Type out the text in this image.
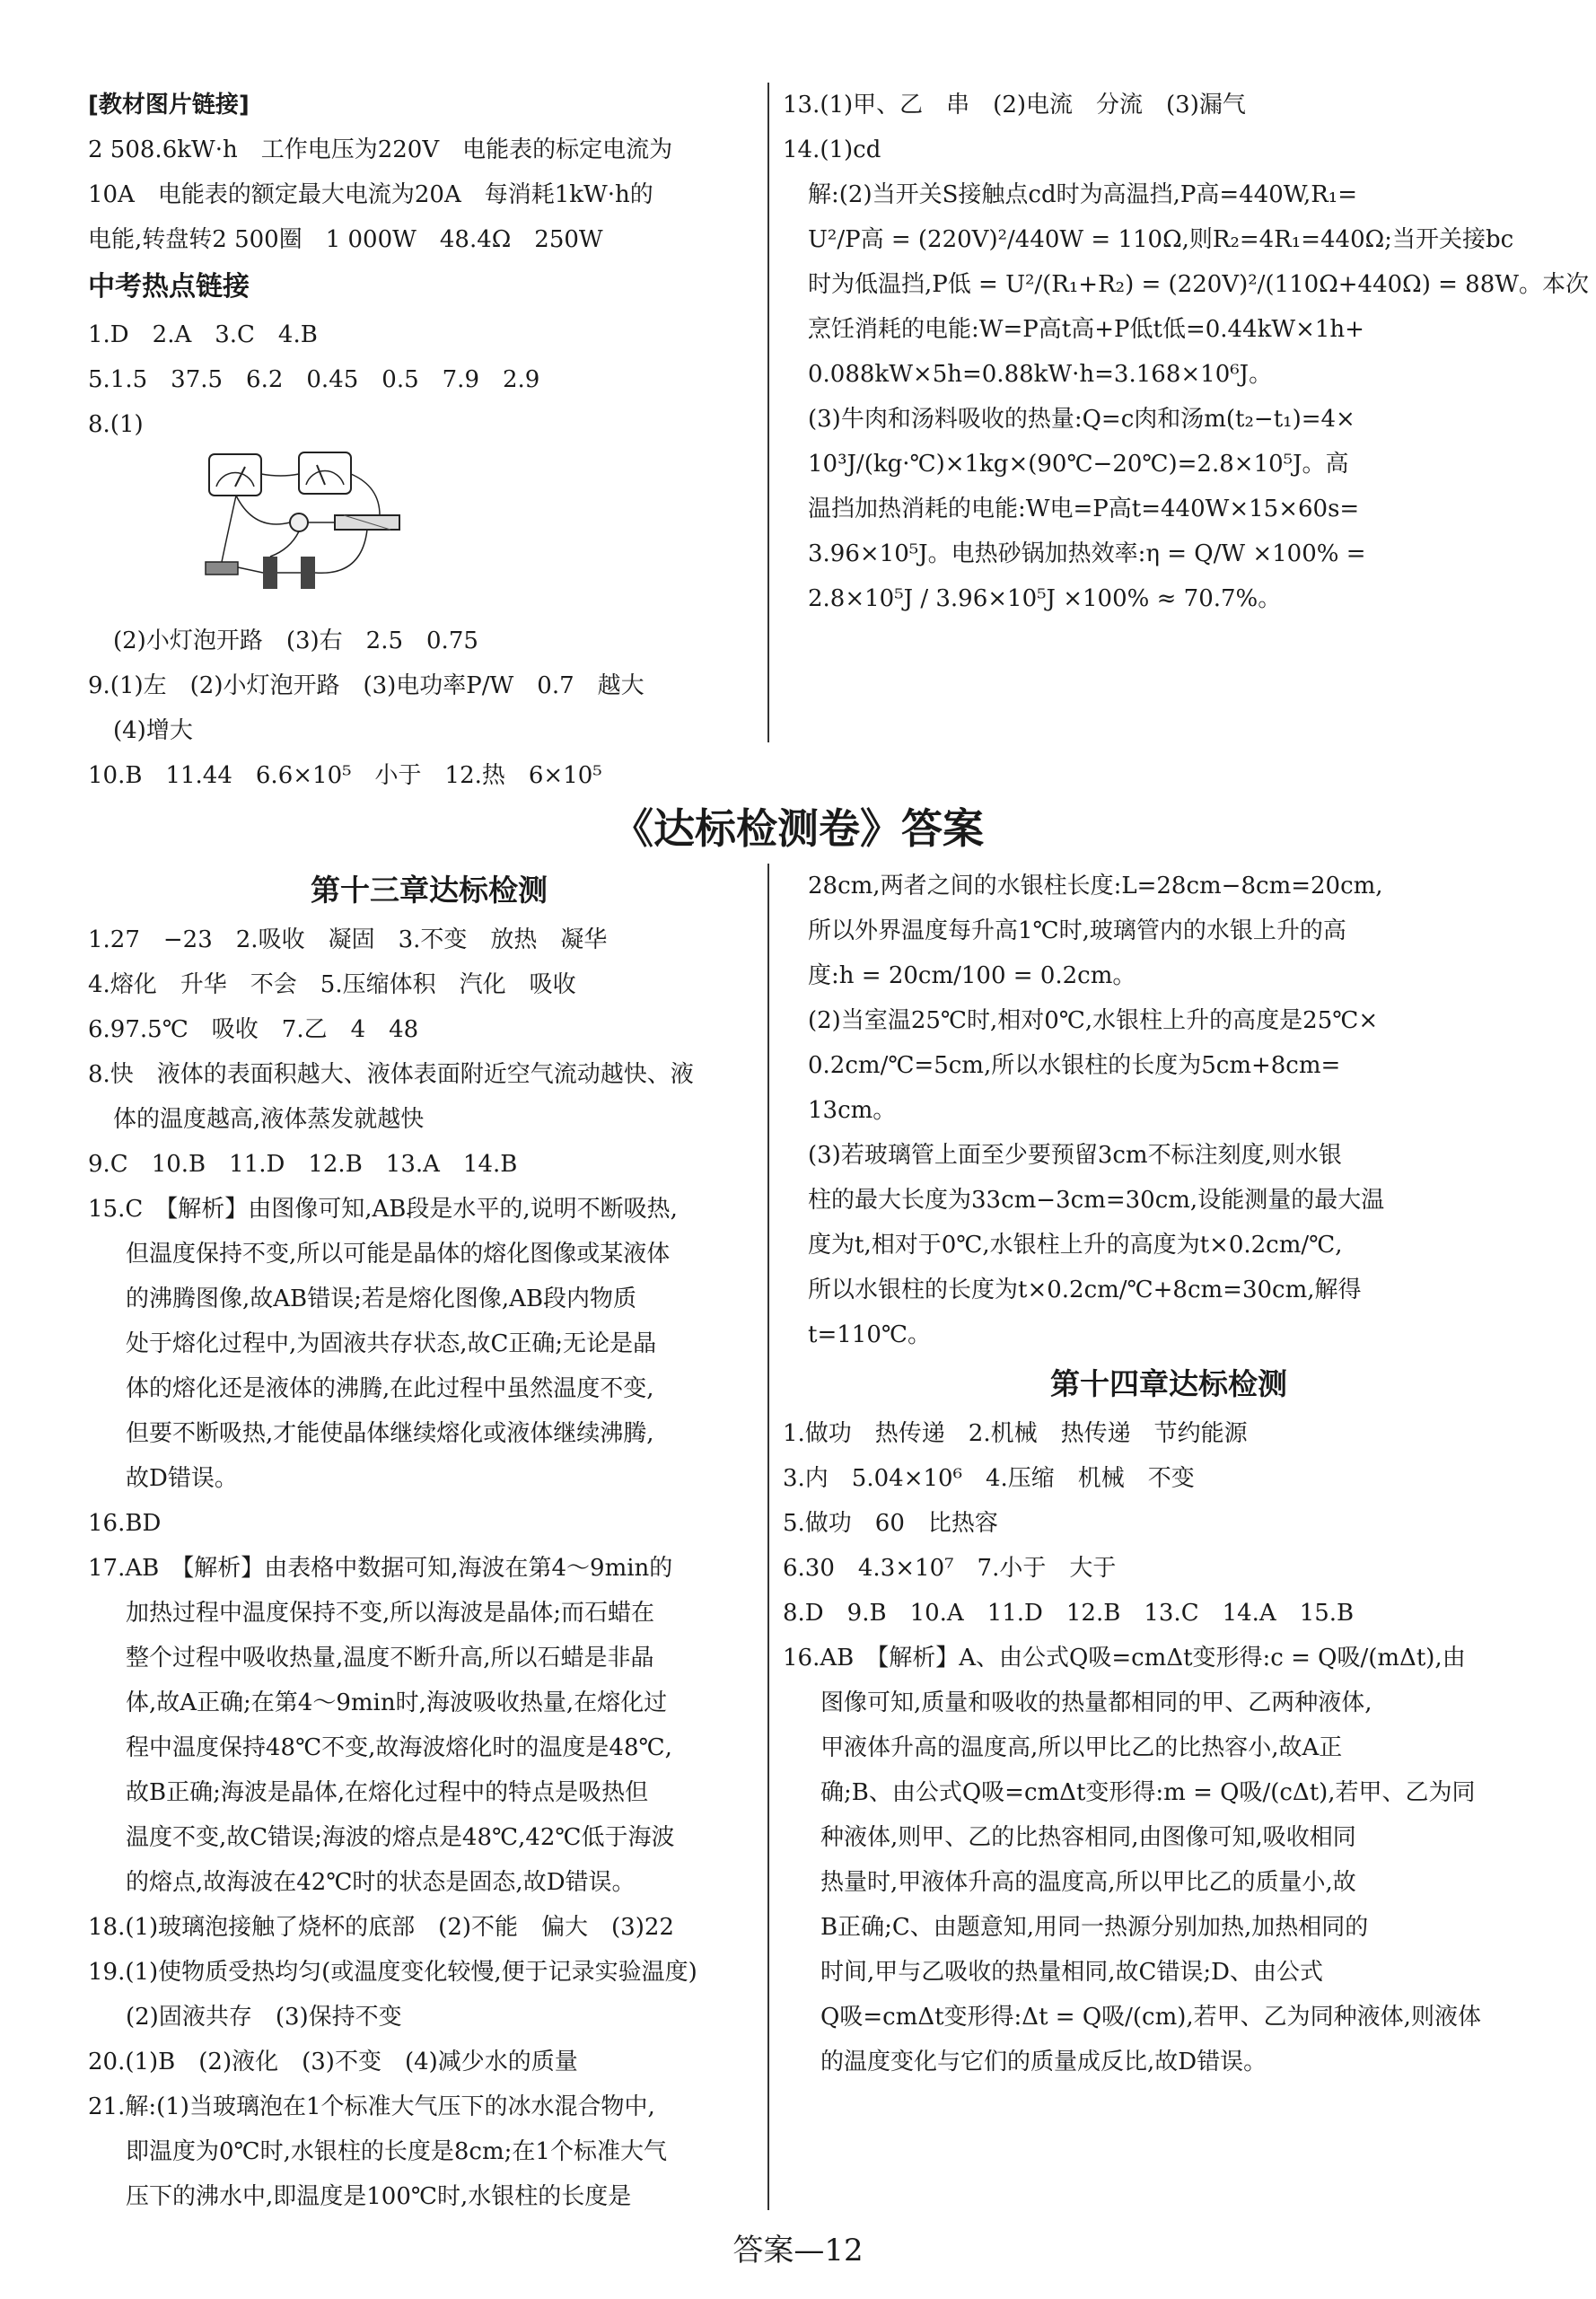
[教材图片链接]
2 508.6kW·h　工作电压为220V　电能表的标定电流为
10A　电能表的额定最大电流为20A　每消耗1kW·h的
电能,转盘转2 500圈　1 000W　48.4Ω　250W
中考热点链接
1.D　2.A　3.C　4.B
5.1.5　37.5　6.2　0.45　0.5　7.9　2.9
8.(1)
(2)小灯泡开路　(3)右　2.5　0.75
9.(1)左　(2)小灯泡开路　(3)电功率P/W　0.7　越大
(4)增大
10.B　11.44　6.6×10⁵　小于　12.热　6×10⁵
13.(1)甲、乙　串　(2)电流　分流　(3)漏气
14.(1)cd
解:(2)当开关S接触点cd时为高温挡,P高=440W,R₁=
U²/P高 = (220V)²/440W = 110Ω,则R₂=4R₁=440Ω;当开关接bc
时为低温挡,P低 = U²/(R₁+R₂) = (220V)²/(110Ω+440Ω) = 88W。本次
烹饪消耗的电能:W=P高t高+P低t低=0.44kW×1h+
0.088kW×5h=0.88kW·h=3.168×10⁶J。
(3)牛肉和汤料吸收的热量:Q=c肉和汤m(t₂−t₁)=4×
10³J/(kg·℃)×1kg×(90℃−20℃)=2.8×10⁵J。高
温挡加热消耗的电能:W电=P高t=440W×15×60s=
3.96×10⁵J。电热砂锅加热效率:η = Q/W ×100% =
2.8×10⁵J / 3.96×10⁵J ×100% ≈ 70.7%。
《达标检测卷》答案
第十三章达标检测
1.27　−23　2.吸收　凝固　3.不变　放热　凝华
4.熔化　升华　不会　5.压缩体积　汽化　吸收
6.97.5℃　吸收　7.乙　4　48
8.快　液体的表面积越大、液体表面附近空气流动越快、液
体的温度越高,液体蒸发就越快
9.C　10.B　11.D　12.B　13.A　14.B
15.C　【解析】由图像可知,AB段是水平的,说明不断吸热,
但温度保持不变,所以可能是晶体的熔化图像或某液体
的沸腾图像,故AB错误;若是熔化图像,AB段内物质
处于熔化过程中,为固液共存状态,故C正确;无论是晶
体的熔化还是液体的沸腾,在此过程中虽然温度不变,
但要不断吸热,才能使晶体继续熔化或液体继续沸腾,
故D错误。
16.BD
17.AB　【解析】由表格中数据可知,海波在第4～9min的
加热过程中温度保持不变,所以海波是晶体;而石蜡在
整个过程中吸收热量,温度不断升高,所以石蜡是非晶
体,故A正确;在第4～9min时,海波吸收热量,在熔化过
程中温度保持48℃不变,故海波熔化时的温度是48℃,
故B正确;海波是晶体,在熔化过程中的特点是吸热但
温度不变,故C错误;海波的熔点是48℃,42℃低于海波
的熔点,故海波在42℃时的状态是固态,故D错误。
18.(1)玻璃泡接触了烧杯的底部　(2)不能　偏大　(3)22
19.(1)使物质受热均匀(或温度变化较慢,便于记录实验温度)
(2)固液共存　(3)保持不变
20.(1)B　(2)液化　(3)不变　(4)减少水的质量
21.解:(1)当玻璃泡在1个标准大气压下的冰水混合物中,
即温度为0℃时,水银柱的长度是8cm;在1个标准大气
压下的沸水中,即温度是100℃时,水银柱的长度是
28cm,两者之间的水银柱长度:L=28cm−8cm=20cm,
所以外界温度每升高1℃时,玻璃管内的水银上升的高
度:h = 20cm/100 = 0.2cm。
(2)当室温25℃时,相对0℃,水银柱上升的高度是25℃×
0.2cm/℃=5cm,所以水银柱的长度为5cm+8cm=
13cm。
(3)若玻璃管上面至少要预留3cm不标注刻度,则水银
柱的最大长度为33cm−3cm=30cm,设能测量的最大温
度为t,相对于0℃,水银柱上升的高度为t×0.2cm/℃,
所以水银柱的长度为t×0.2cm/℃+8cm=30cm,解得
t=110℃。
第十四章达标检测
1.做功　热传递　2.机械　热传递　节约能源
3.内　5.04×10⁶　4.压缩　机械　不变
5.做功　60　比热容
6.30　4.3×10⁷　7.小于　大于
8.D　9.B　10.A　11.D　12.B　13.C　14.A　15.B
16.AB　【解析】A、由公式Q吸=cmΔt变形得:c = Q吸/(mΔt),由
图像可知,质量和吸收的热量都相同的甲、乙两种液体,
甲液体升高的温度高,所以甲比乙的比热容小,故A正
确;B、由公式Q吸=cmΔt变形得:m = Q吸/(cΔt),若甲、乙为同
种液体,则甲、乙的比热容相同,由图像可知,吸收相同
热量时,甲液体升高的温度高,所以甲比乙的质量小,故
B正确;C、由题意知,用同一热源分别加热,加热相同的
时间,甲与乙吸收的热量相同,故C错误;D、由公式
Q吸=cmΔt变形得:Δt = Q吸/(cm),若甲、乙为同种液体,则液体
的温度变化与它们的质量成反比,故D错误。
答案—12
